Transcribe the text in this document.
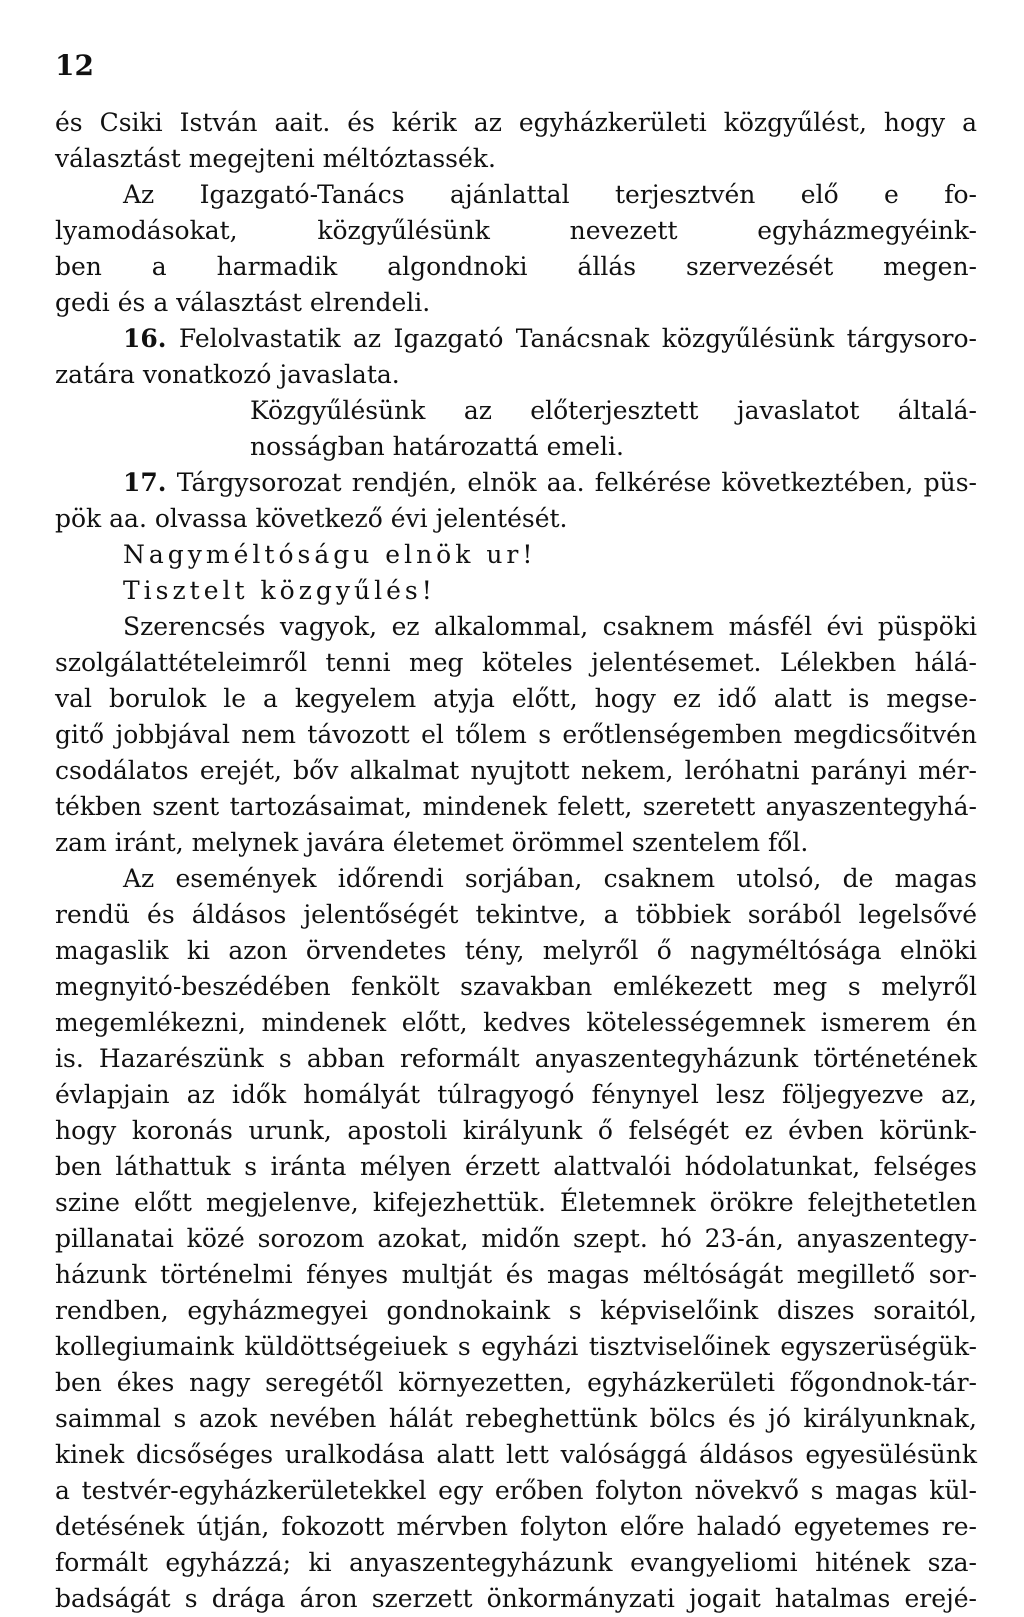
12
és Csiki István aait. és kérik az egyházkerületi közgyűlést, hogy a
választást megejteni méltóztassék.
Az Igazgató-Tanács ajánlattal terjesztvén elő e fo-
lyamodásokat, közgyűlésünk nevezett egyházmegyéink-
ben a harmadik algondnoki állás szervezését megen-
gedi és a választást elrendeli.
16. Felolvastatik az Igazgató Tanácsnak közgyűlésünk tárgysoro-
zatára vonatkozó javaslata.
Közgyűlésünk az előterjesztett javaslatot általá-
nosságban határozattá emeli.
17. Tárgysorozat rendjén, elnök aa. felkérése következtében, püs-
pök aa. olvassa következő évi jelentését.
Nagyméltóságu elnök ur!
Tisztelt közgyűlés!
Szerencsés vagyok, ez alkalommal, csaknem másfél évi püspöki
szolgálattételeimről tenni meg köteles jelentésemet. Lélekben hálá-
val borulok le a kegyelem atyja előtt, hogy ez idő alatt is megse-
gitő jobbjával nem távozott el tőlem s erőtlenségemben megdicsőitvén
csodálatos erejét, bőv alkalmat nyujtott nekem, leróhatni parányi mér-
tékben szent tartozásaimat, mindenek felett, szeretett anyaszentegyhá-
zam iránt, melynek javára életemet örömmel szentelem fől.
Az események időrendi sorjában, csaknem utolsó, de magas
rendü és áldásos jelentőségét tekintve, a többiek sorából legelsővé
magaslik ki azon örvendetes tény, melyről ő nagyméltósága elnöki
megnyitó-beszédében fenkölt szavakban emlékezett meg s melyről
megemlékezni, mindenek előtt, kedves kötelességemnek ismerem én
is. Hazarészünk s abban reformált anyaszentegyházunk történetének
évlapjain az idők homályát túlragyogó fénynyel lesz följegyezve az,
hogy koronás urunk, apostoli királyunk ő felségét ez évben körünk-
ben láthattuk s iránta mélyen érzett alattvalói hódolatunkat, felséges
szine előtt megjelenve, kifejezhettük. Életemnek örökre felejthetetlen
pillanatai közé sorozom azokat, midőn szept. hó 23-án, anyaszentegy-
házunk történelmi fényes multját és magas méltóságát megillető sor-
rendben, egyházmegyei gondnokaink s képviselőink diszes soraitól,
kollegiumaink küldöttségeiuek s egyházi tisztviselőinek egyszerüségük-
ben ékes nagy seregétől környezetten, egyházkerületi főgondnok-tár-
saimmal s azok nevében hálát rebeghettünk bölcs és jó királyunknak,
kinek dicsőséges uralkodása alatt lett valósággá áldásos egyesülésünk
a testvér-egyházkerületekkel egy erőben folyton növekvő s magas kül-
detésének útján, fokozott mérvben folyton előre haladó egyetemes re-
formált egyházzá; ki anyaszentegyházunk evangyeliomi hitének sza-
badságát s drága áron szerzett önkormányzati jogait hatalmas erejé-
